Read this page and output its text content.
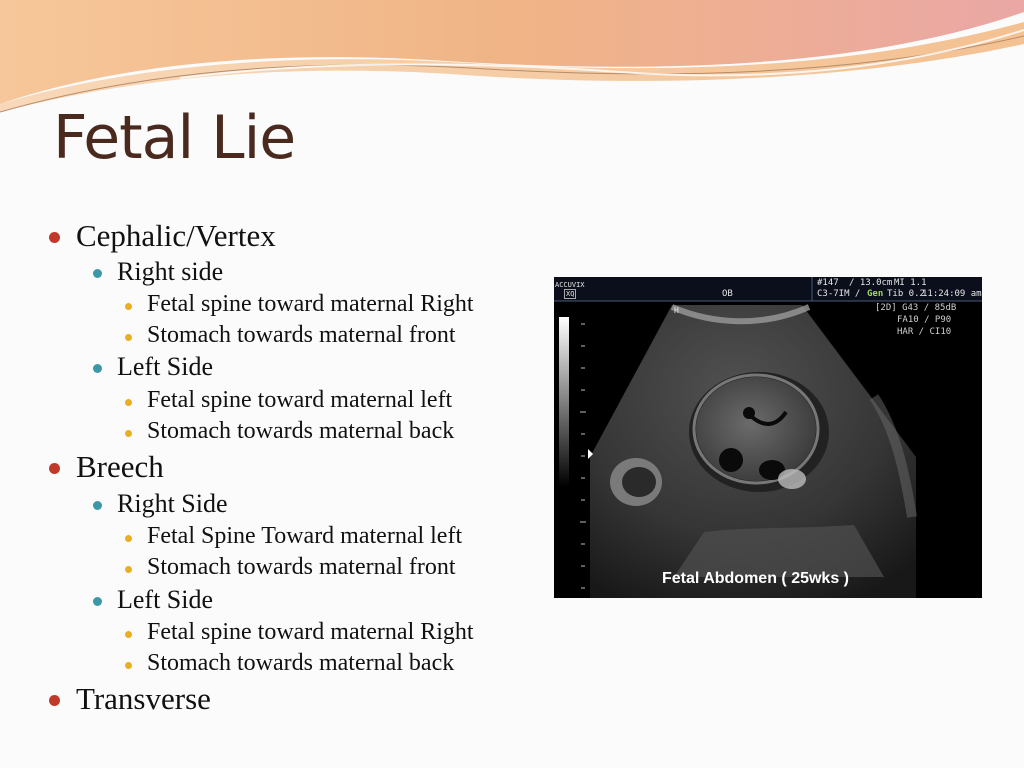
Fetal Lie
Cephalic/Vertex
Right side
Fetal spine toward maternal Right
Stomach towards maternal front
Left Side
Fetal spine toward maternal left
Stomach towards maternal back
Breech
Right Side
Fetal Spine Toward maternal left
Stomach towards maternal front
Left Side
Fetal spine toward maternal Right
Stomach towards maternal back
Transverse
ACCUVIX
XQ	OB
#147 / 13.0cm MI 1.1
C3-7IM / Gen Tib 0.2
11:24:09 am
[2D] G43 / 85dB
FA10 / P90
HAR / CI10
H
Fetal Abdomen ( 25wks )
